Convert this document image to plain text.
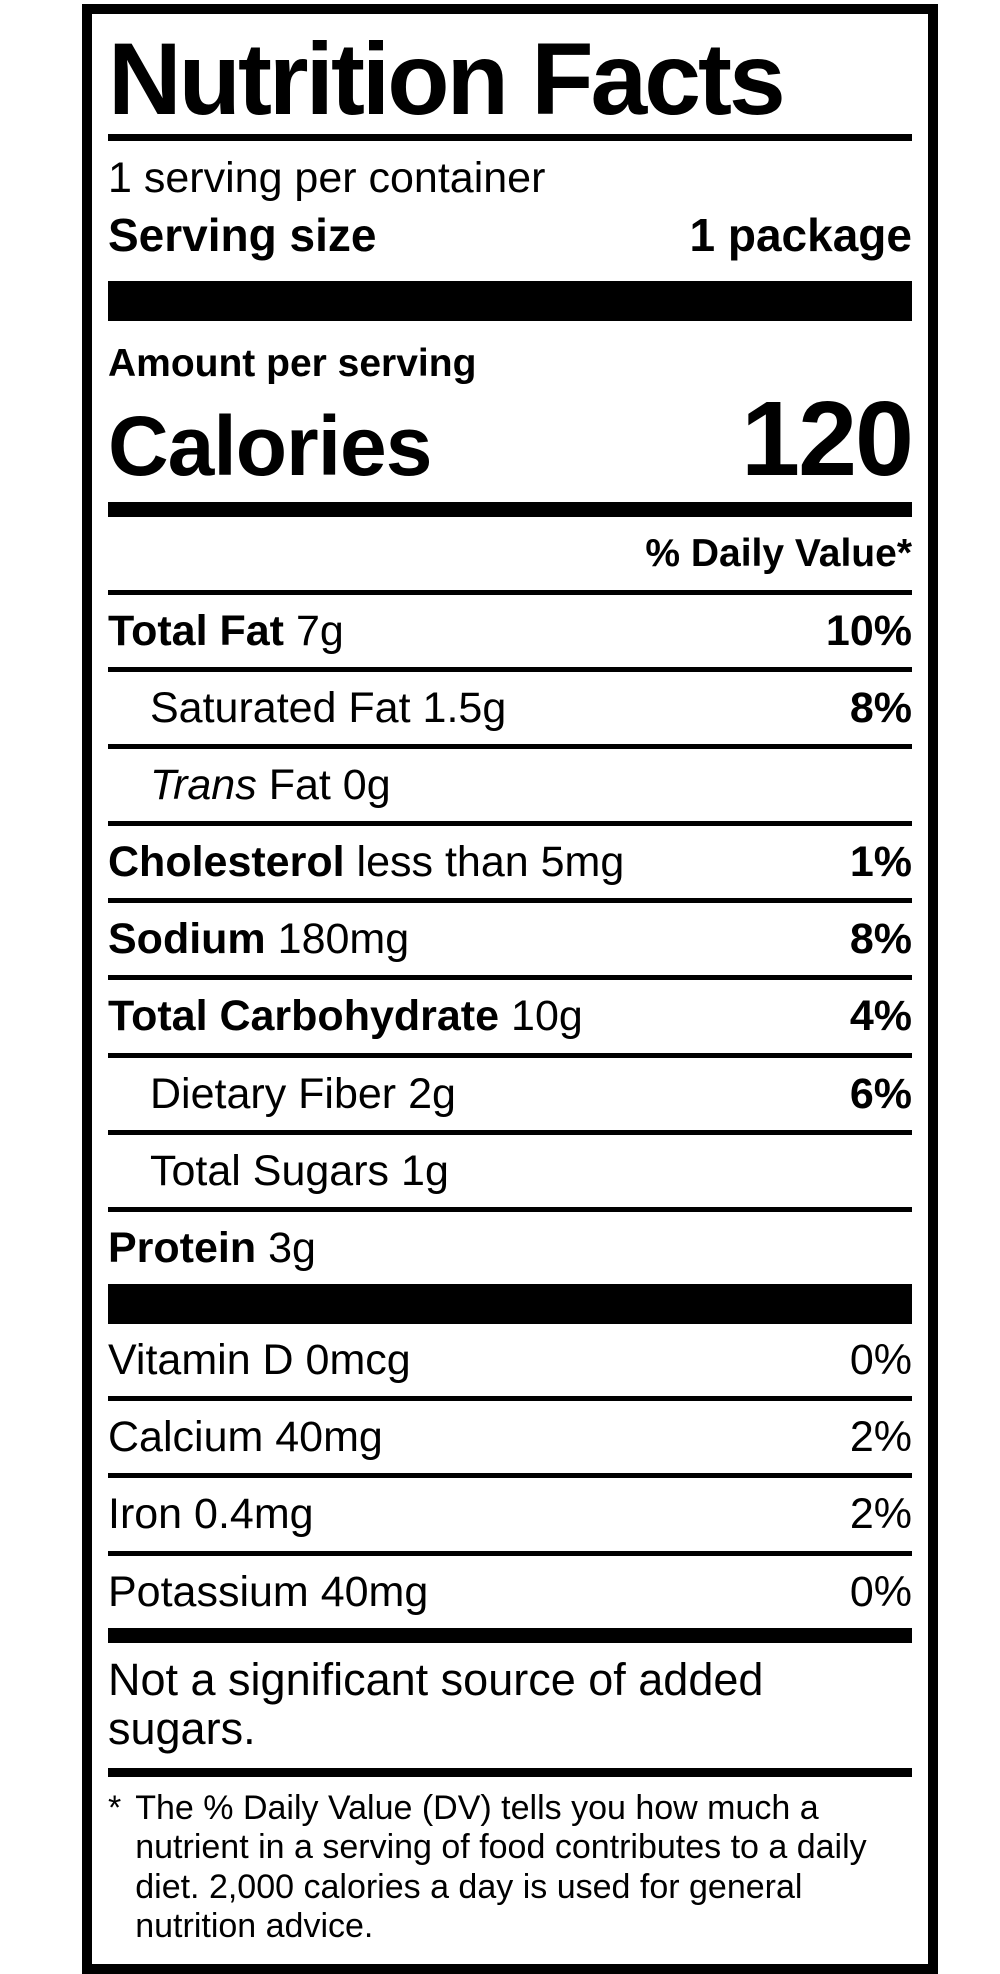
Nutrition Facts
1 serving per container
Serving size	1 package
Amount per serving
Calories	120
% Daily Value*
Total Fat 7g	10%
Saturated Fat 1.5g	8%
Trans Fat 0g
Cholesterol less than 5mg	1%
Sodium 180mg	8%
Total Carbohydrate 10g	4%
Dietary Fiber 2g	6%
Total Sugars 1g
Protein 3g
Vitamin D 0mcg	0%
Calcium 40mg	2%
Iron 0.4mg	2%
Potassium 40mg	0%
Not a significant source of added sugars.
* The % Daily Value (DV) tells you how much a nutrient in a serving of food contributes to a daily diet. 2,000 calories a day is used for general nutrition advice.
